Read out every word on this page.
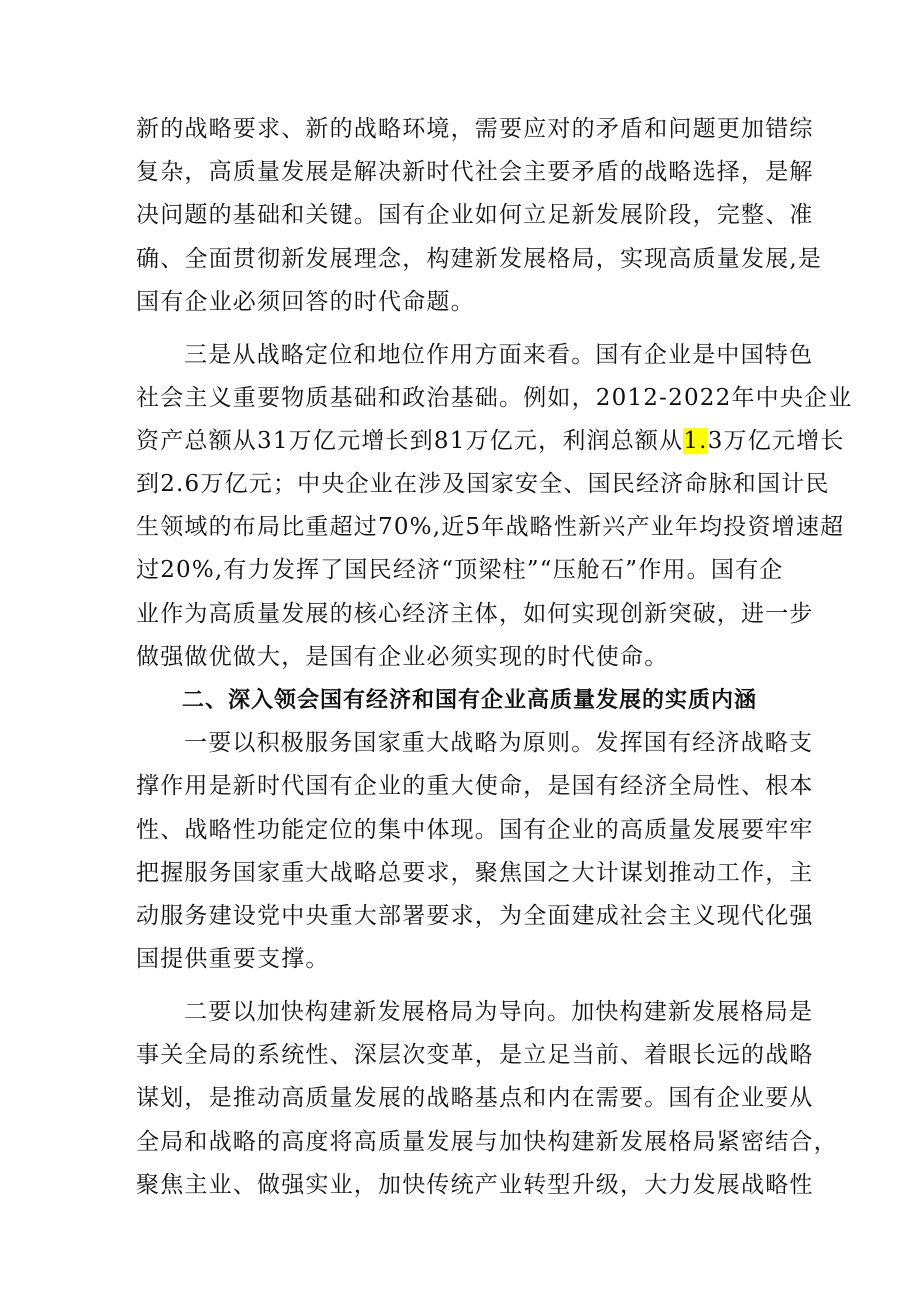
新的战略要求、新的战略环境，需要应对的矛盾和问题更加错综
复杂，高质量发展是解决新时代社会主要矛盾的战略选择，是解
决问题的基础和关键。国有企业如何立足新发展阶段，完整、准
确、全面贯彻新发展理念，构建新发展格局，实现高质量发展,是
国有企业必须回答的时代命题。
三是从战略定位和地位作用方面来看。国有企业是中国特色
社会主义重要物质基础和政治基础。例如，2012-2022年中央企业
资产总额从31万亿元增长到81万亿元，利润总额从1.3万亿元增长
到2.6万亿元；中央企业在涉及国家安全、国民经济命脉和国计民
生领域的布局比重超过70%,近5年战略性新兴产业年均投资增速超
过20%,有力发挥了国民经济“顶梁柱”“压舱石”作用。国有企
业作为高质量发展的核心经济主体，如何实现创新突破，进一步
做强做优做大，是国有企业必须实现的时代使命。
二、深入领会国有经济和国有企业高质量发展的实质内涵
一要以积极服务国家重大战略为原则。发挥国有经济战略支
撑作用是新时代国有企业的重大使命，是国有经济全局性、根本
性、战略性功能定位的集中体现。国有企业的高质量发展要牢牢
把握服务国家重大战略总要求，聚焦国之大计谋划推动工作，主
动服务建设党中央重大部署要求，为全面建成社会主义现代化强
国提供重要支撑。
二要以加快构建新发展格局为导向。加快构建新发展格局是
事关全局的系统性、深层次变革，是立足当前、着眼长远的战略
谋划，是推动高质量发展的战略基点和内在需要。国有企业要从
全局和战略的高度将高质量发展与加快构建新发展格局紧密结合，
聚焦主业、做强实业，加快传统产业转型升级，大力发展战略性
